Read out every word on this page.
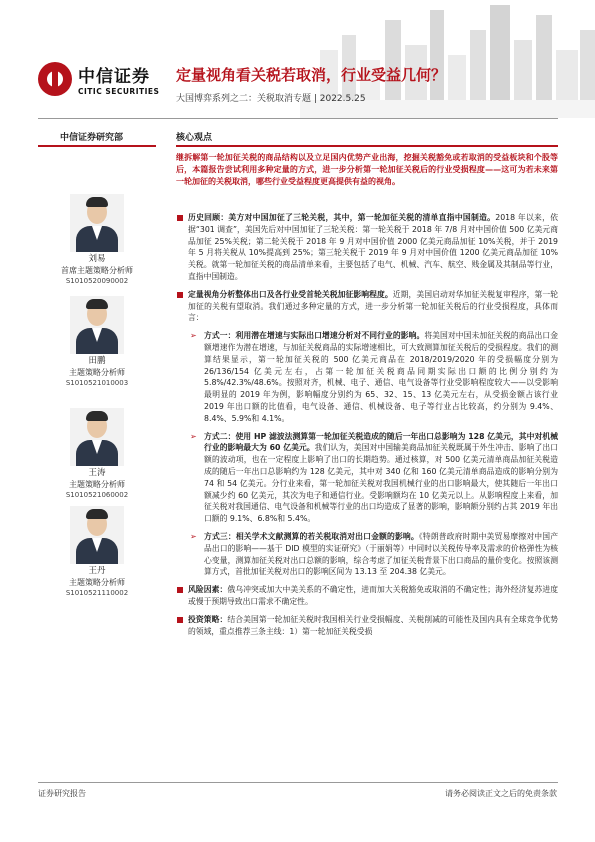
中信证券
CITIC SECURITIES
定量视角看关税若取消，行业受益几何？
大国博弈系列之二：关税取消专题 | 2022.5.25
中信证券研究部	核心观点
刘易
首席主题策略分析师
S1010520090002
田鹏
主题策略分析师
S1010521010003
王涛
主题策略分析师
S1010521060002
王丹
主题策略分析师
S1010521110002
继拆解第一轮加征关税的商品结构以及立足国内优势产业出海，挖掘关税豁免或若取消的受益板块和个股等后，本篇报告尝试利用多种定量的方式，进一步分析第一轮加征关税后的行业受损程度——这可为若未来第一轮加征的关税取消，哪些行业受益程度更高提供有益的视角。
历史回顾：美方对中国加征了三轮关税，其中，第一轮加征关税的清单直指中国制造。2018 年以来，依据“301 调查”，美国先后对中国加征了三轮关税：第一轮关税于 2018 年 7/8 月对中国价值 500 亿美元商品加征 25%关税；第二轮关税于 2018 年 9 月对中国价值 2000 亿美元商品加征 10%关税，并于 2019 年 5 月将关税从 10%提高到 25%；第三轮关税于 2019 年 9 月对中国价值 1200 亿美元商品加征 10%关税。就第一轮加征关税的商品清单来看，主要包括了电气、机械、汽车、航空、贱金属及其制品等行业，直指中国制造。
定量视角分析整体出口及各行业受首轮关税加征影响程度。近期，美国启动对华加征关税复审程序，第一轮加征的关税有望取消。我们通过多种定量的方式，进一步分析第一轮加征关税后的行业受损程度，具体而言：
➢ 方式一：利用潜在增速与实际出口增速分析对不同行业的影响。将美国对中国未加征关税的商品出口金额增速作为潜在增速，与加征关税商品的实际增速相比，可大致测算加征关税后的受损程度。我们的测算结果显示，第一轮加征关税的 500 亿美元商品在 2018/2019/2020 年的受损幅度分别为 26/136/154 亿美元左右，占第一轮加征关税商品同期实际出口额的比例分别约为 5.8%/42.3%/48.6%。按照对齐，机械、电子、通信、电气设备等行业受影响程度较大——以受影响最明显的 2019 年为例，影响幅度分别约为 65、32、15、13 亿美元左右，从受损金额占该行业 2019 年出口额的比值看，电气设备、通信、机械设备、电子等行业占比较高，约分别为 9.4%、8.4%、5.9%和 4.1%。
➢ 方式二：使用 HP 滤波法测算第一轮加征关税造成的随后一年出口总影响为 128 亿美元，其中对机械行业的影响最大为 60 亿美元。我们认为，美国对中国输美商品加征关税既属于外生冲击、影响了出口额的波动项，也在一定程度上影响了出口的长期趋势。通过核算，对 500 亿美元清单商品加征关税造成的随后一年出口总影响约为 128 亿美元，其中对 340 亿和 160 亿美元清单商品造成的影响分别为 74 和 54 亿美元。分行业来看，第一轮加征关税对我国机械行业的出口影响最大，使其随后一年出口额减少约 60 亿美元，其次为电子和通信行业。受影响额均在 10 亿美元以上。从影响程度上来看，加征关税对我国通信、电气设备和机械等行业的出口均造成了显著的影响，影响额分别约占其 2019 年出口额的 9.1%、6.8%和 5.4%。
➢ 方式三：相关学术文献测算的若关税取消对出口金额的影响。《特朗普政府时期中美贸易摩擦对中国产品出口的影响——基于 DID 模型的实证研究》（于丽娟等）中同时以关税传导率及需求的价格弹性为核心变量，测算加征关税对出口总额的影响，综合考虑了加征关税背景下出口商品的量价变化。按照该测算方式，首批加征关税对出口的影响区间为 13.13 至 204.38 亿美元。
风险因素：俄乌冲突或加大中美关系的不确定性，进而加大关税豁免或取消的不确定性；海外经济复苏进度或慢于预期导致出口需求不确定性。
投资策略：结合美国第一轮加征关税时我国相关行业受损幅度、关税削减的可能性及国内具有全球竞争优势的领域，重点推荐三条主线：1）第一轮加征关税受损
证券研究报告	请务必阅读正文之后的免责条款
